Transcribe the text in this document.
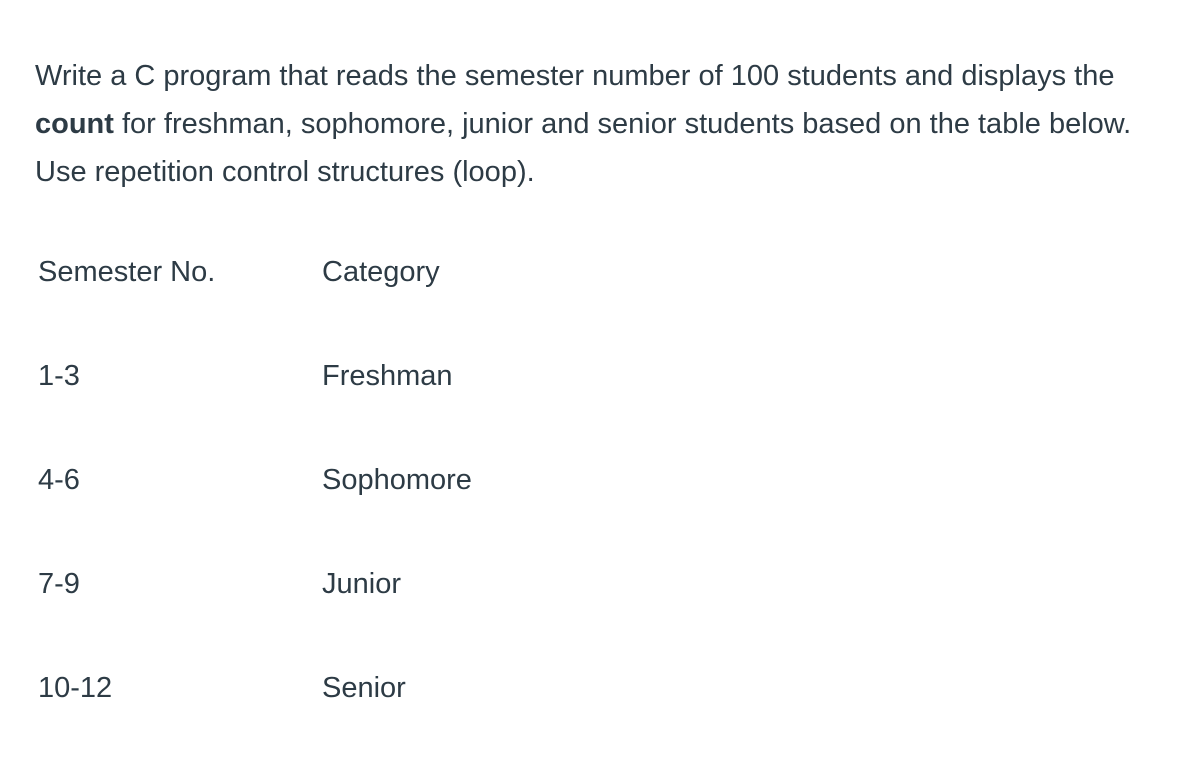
Write a C program that reads the semester number of 100 students and displays the count for freshman, sophomore, junior and senior students based on the table below. Use repetition control structures (loop).

Semester No.	Category
1-3	Freshman
4-6	Sophomore
7-9	Junior
10-12	Senior
